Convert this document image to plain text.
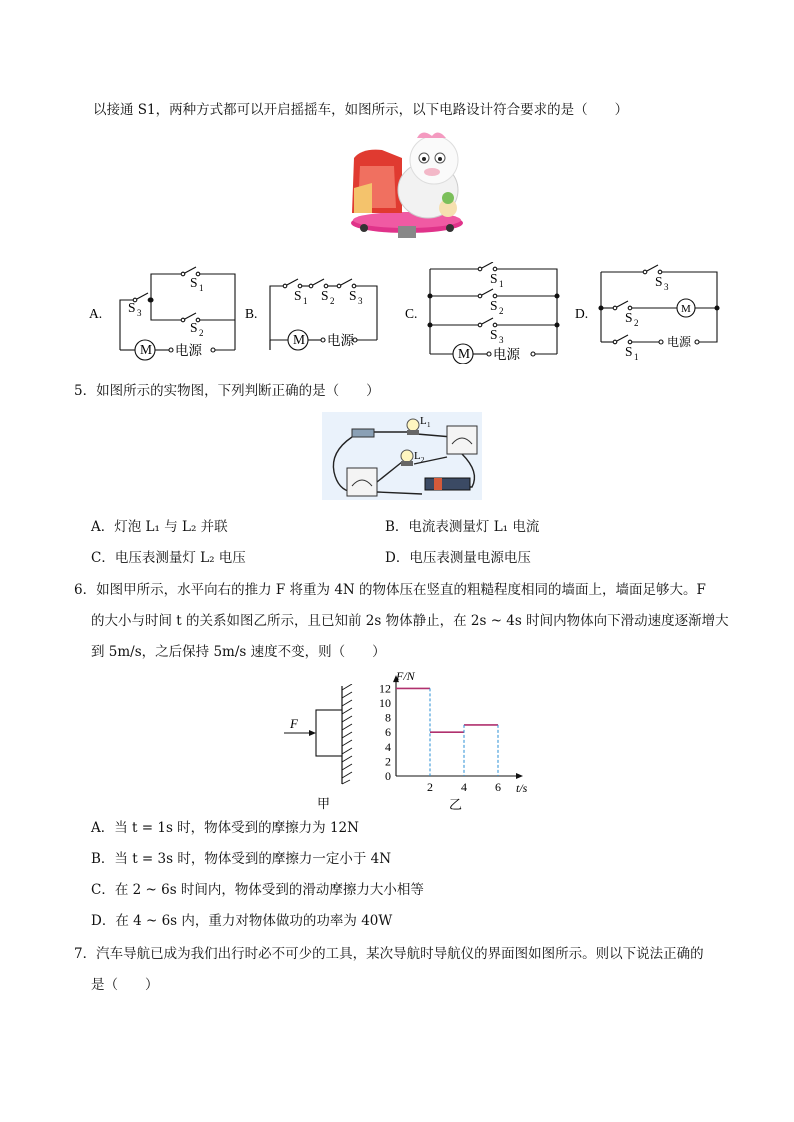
以接通 S1，两种方式都可以开启摇摇车，如图所示，以下电路设计符合要求的是（　　）
A.	B.	C.	D.
S 3
S 1
S 2
M 电源
S 1 S 2 S 3
M 电源
S 1
S 2
S 3
M 电源
S 3
S 2
S 1
M
电源
5．如图所示的实物图，下列判断正确的是（　　）
L 1
L 2
A．灯泡 L₁ 与 L₂ 并联	B．电流表测量灯 L₁ 电流
C．电压表测量灯 L₂ 电压	D．电压表测量电源电压
6．如图甲所示，水平向右的推力 F 将重为 4N 的物体压在竖直的粗糙程度相同的墙面上，墙面足够大。F
的大小与时间 t 的关系如图乙所示，且已知前 2s 物体静止，在 2s ~ 4s 时间内物体向下滑动速度逐渐增大
到 5m/s，之后保持 5m/s 速度不变，则（　　）
F
甲
0
2
4
6
8
10
12
2 4 6
F/N
t/s
乙
A．当 t = 1s 时，物体受到的摩擦力为 12N
B．当 t = 3s 时，物体受到的摩擦力一定小于 4N
C．在 2 ~ 6s 时间内，物体受到的滑动摩擦力大小相等
D．在 4 ~ 6s 内，重力对物体做功的功率为 40W
7．汽车导航已成为我们出行时必不可少的工具，某次导航时导航仪的界面图如图所示。则以下说法正确的
是（　　）
